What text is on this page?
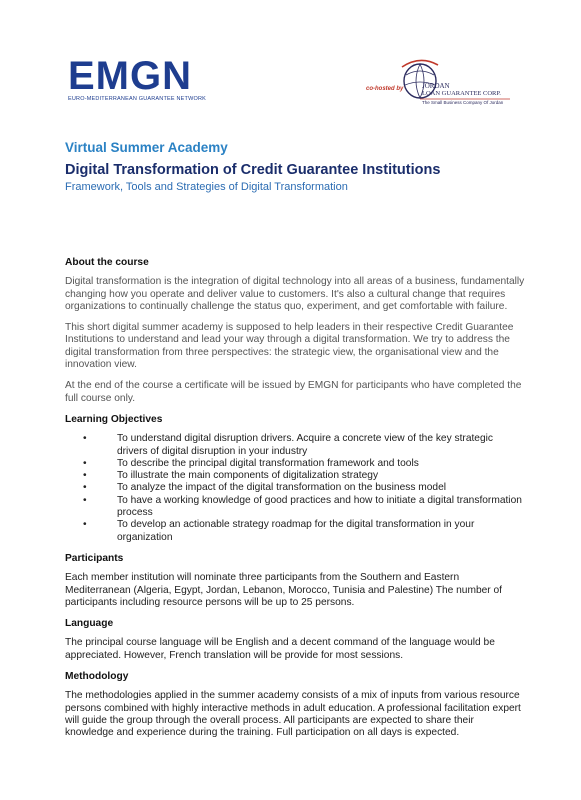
EMGN
EURO-MEDITERRANEAN GUARANTEE NETWORK
co-hosted by	JORDAN
LOAN GUARANTEE CORP.
The Small Business Company Of Jordan
Virtual Summer Academy
Digital Transformation of Credit Guarantee Institutions
Framework, Tools and Strategies of Digital Transformation
About the course

Digital transformation is the integration of digital technology into all areas of a business, fundamentally changing how you operate and deliver value to customers. It's also a cultural change that requires organizations to continually challenge the status quo, experiment, and get comfortable with failure.

This short digital summer academy is supposed to help leaders in their respective Credit Guarantee Institutions to understand and lead your way through a digital transformation. We try to address the digital transformation from three perspectives: the strategic view, the organisational view and the innovation view.

At the end of the course a certificate will be issued by EMGN for participants who have completed the full course only.

Learning Objectives
•	To understand digital disruption drivers. Acquire a concrete view of the key strategic drivers of digital disruption in your industry
•	To describe the principal digital transformation framework and tools
•	To illustrate the main components of digitalization strategy
•	To analyze the impact of the digital transformation on the business model
•	To have a working knowledge of good practices and how to initiate a digital transformation process
•	To develop an actionable strategy roadmap for the digital transformation in your organization
Participants

Each member institution will nominate three participants from the Southern and Eastern Mediterranean (Algeria, Egypt, Jordan, Lebanon, Morocco, Tunisia and Palestine) The number of participants including resource persons will be up to 25 persons.

Language

The principal course language will be English and a decent command of the language would be appreciated. However, French translation will be provide for most sessions.

Methodology

The methodologies applied in the summer academy consists of a mix of inputs from various resource persons combined with highly interactive methods in adult education. A professional facilitation expert will guide the group through the overall process. All participants are expected to share their knowledge and experience during the training. Full participation on all days is expected.
